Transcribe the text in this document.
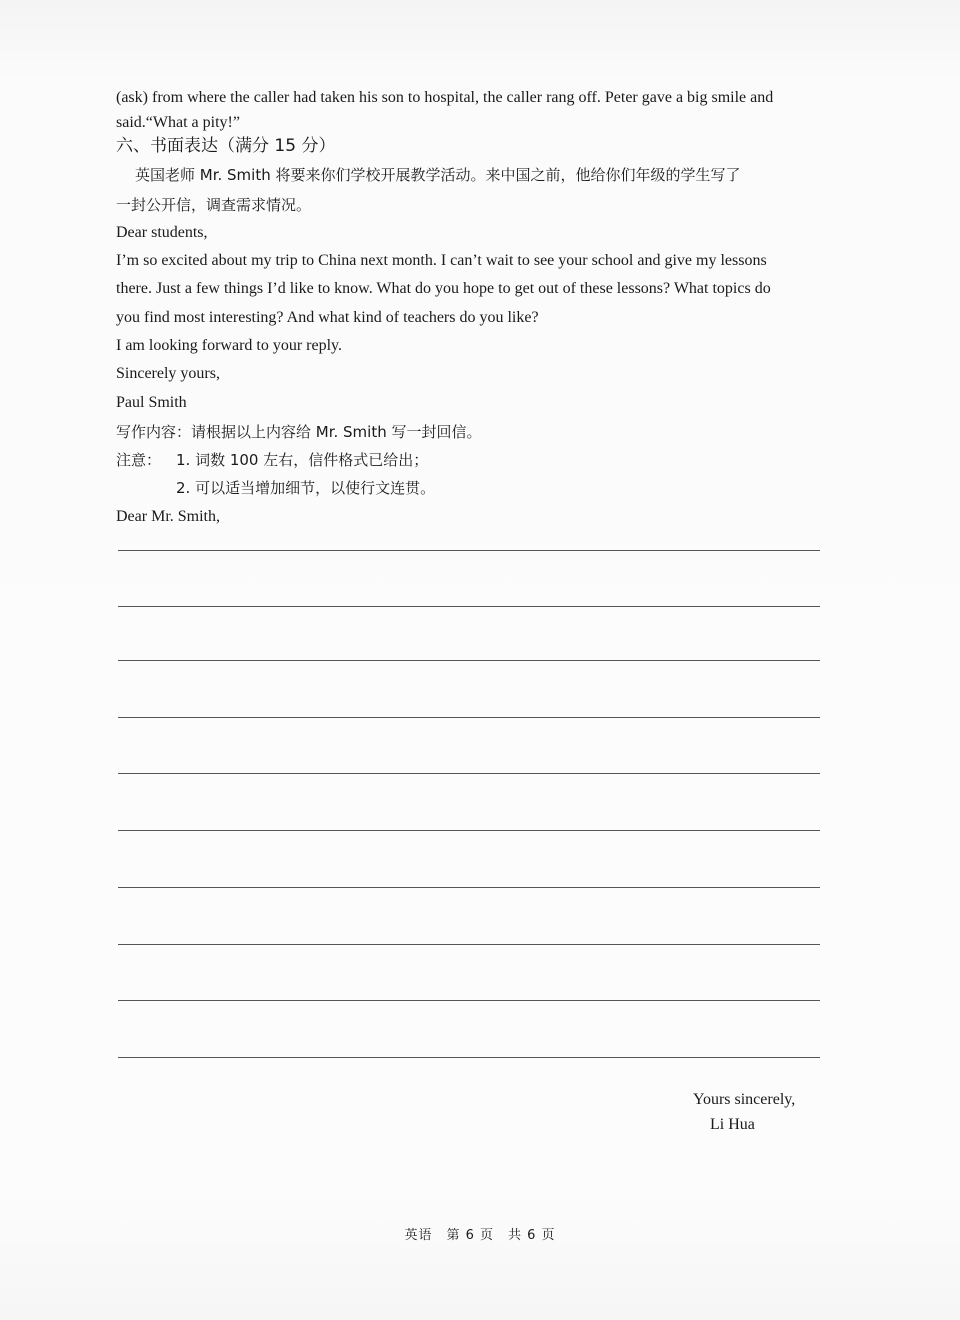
(ask) from where the caller had taken his son to hospital, the caller rang off. Peter gave a big smile and
said.“What a pity!”
六、书面表达（满分 15 分）
　英国老师 Mr. Smith 将要来你们学校开展教学活动。来中国之前，他给你们年级的学生写了
一封公开信，调查需求情况。
Dear students,
I’m so excited about my trip to China next month. I can’t wait to see your school and give my lessons
there. Just a few things I’d like to know. What do you hope to get out of these lessons? What topics do
you find most interesting? And what kind of teachers do you like?
I am looking forward to your reply.
Sincerely yours,
Paul Smith
写作内容：请根据以上内容给 Mr. Smith 写一封回信。
注意： 1. 词数 100 左右，信件格式已给出；
2. 可以适当增加细节，以使行文连贯。
Dear Mr. Smith,
Yours sincerely,
Li Hua
英语　第 6 页　共 6 页
